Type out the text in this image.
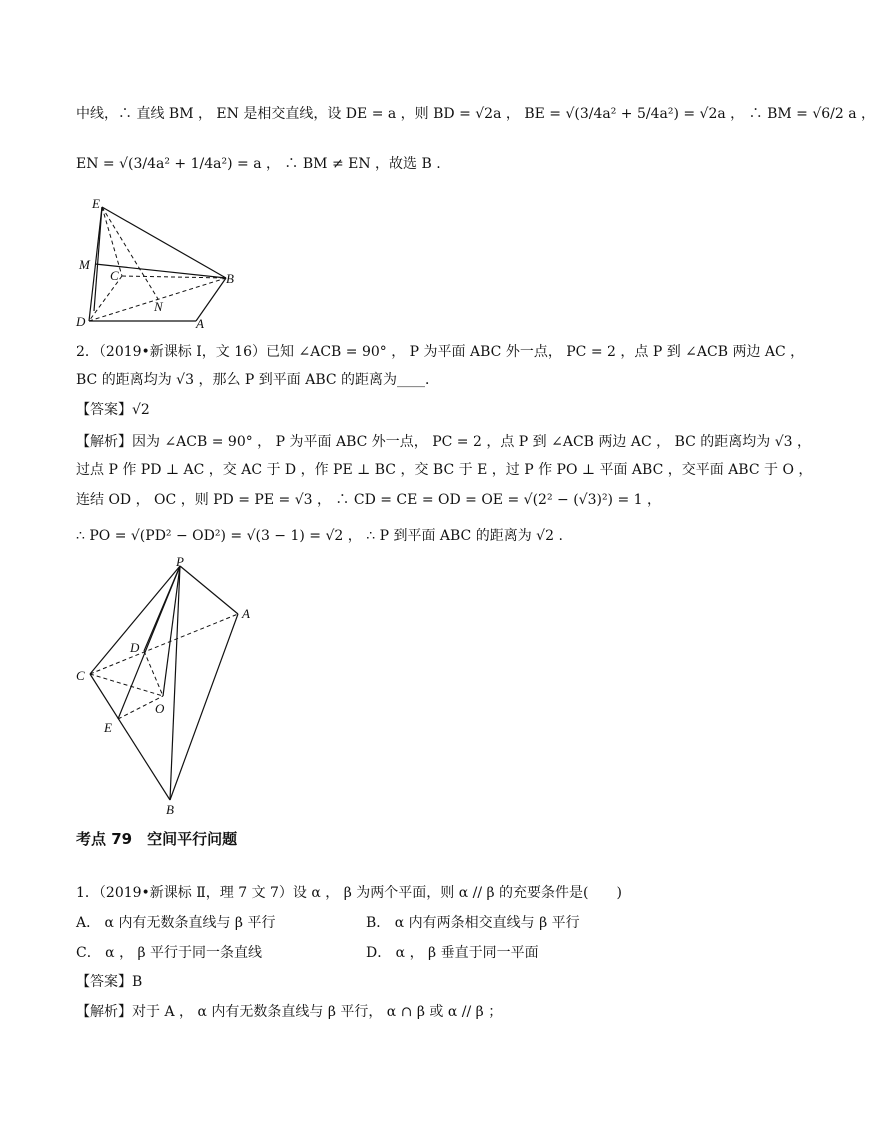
中线，∴ 直线 BM ， EN 是相交直线，设 DE = a ，则 BD = √2a ， BE = √(3/4a² + 5/4a²) = √2a ， ∴ BM = √6/2 a ，
EN = √(3/4a² + 1/4a²) = a ， ∴ BM ≠ EN ，故选 B .
E
M
C	B
N
D	A
2．（2019•新课标 Ⅰ，文 16）已知 ∠ACB = 90° ， P 为平面 ABC 外一点， PC = 2 ，点 P 到 ∠ACB 两边 AC ，
BC 的距离均为 √3 ，那么 P 到平面 ABC 的距离为____．
【答案】√2
【解析】因为 ∠ACB = 90° ， P 为平面 ABC 外一点， PC = 2 ，点 P 到 ∠ACB 两边 AC ， BC 的距离均为 √3 ，
过点 P 作 PD ⊥ AC ，交 AC 于 D ，作 PE ⊥ BC ，交 BC 于 E ，过 P 作 PO ⊥ 平面 ABC ，交平面 ABC 于 O ，
连结 OD ， OC ，则 PD = PE = √3 ， ∴ CD = CE = OD = OE = √(2² − (√3)²) = 1 ，
∴ PO = √(PD² − OD²) = √(3 − 1) = √2 ， ∴ P 到平面 ABC 的距离为 √2 .
P
A
D
C
O
E
B
考点 79　空间平行问题
1．（2019•新课标 Ⅱ，理 7 文 7）设 α ， β 为两个平面，则 α // β 的充要条件是(　　)
A． α 内有无数条直线与 β 平行	B． α 内有两条相交直线与 β 平行
C． α ， β 平行于同一条直线	D． α ， β 垂直于同一平面
【答案】B
【解析】对于 A ， α 内有无数条直线与 β 平行， α ∩ β 或 α // β ；
